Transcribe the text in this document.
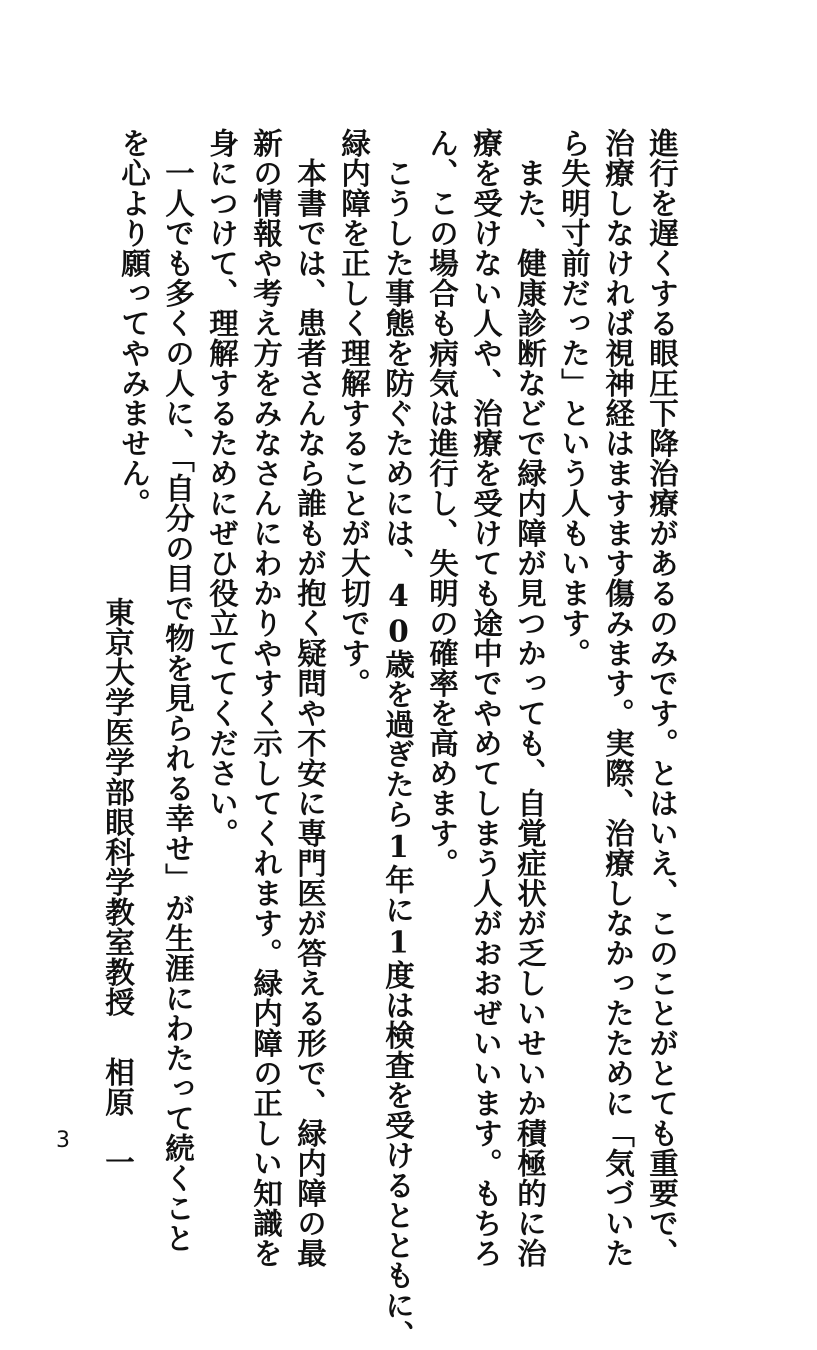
進行を遅くする眼圧下降治療があるのみです。とはいえ、このことがとても重要で、
治療しなければ視神経はますます傷みます。実際、治療しなかったために「気づいた
ら失明寸前だった」という人もいます。
また、健康診断などで緑内障が見つかっても、自覚症状が乏しいせいか積極的に治
療を受けない人や、治療を受けても途中でやめてしまう人がおおぜいいます。もちろ
ん、この場合も病気は進行し、失明の確率を高めます。
こうした事態を防ぐためには、40歳を過ぎたら1年に1度は検査を受けるとともに、
緑内障を正しく理解することが大切です。
本書では、患者さんなら誰もが抱く疑問や不安に専門医が答える形で、緑内障の最
新の情報や考え方をみなさんにわかりやすく示してくれます。緑内障の正しい知識を
身につけて、理解するためにぜひ役立ててください。
一人でも多くの人に、「自分の目で物を見られる幸せ」が生涯にわたって続くこと
を心より願ってやみません。
東京大学医学部眼科学教室教授相原　一
3
